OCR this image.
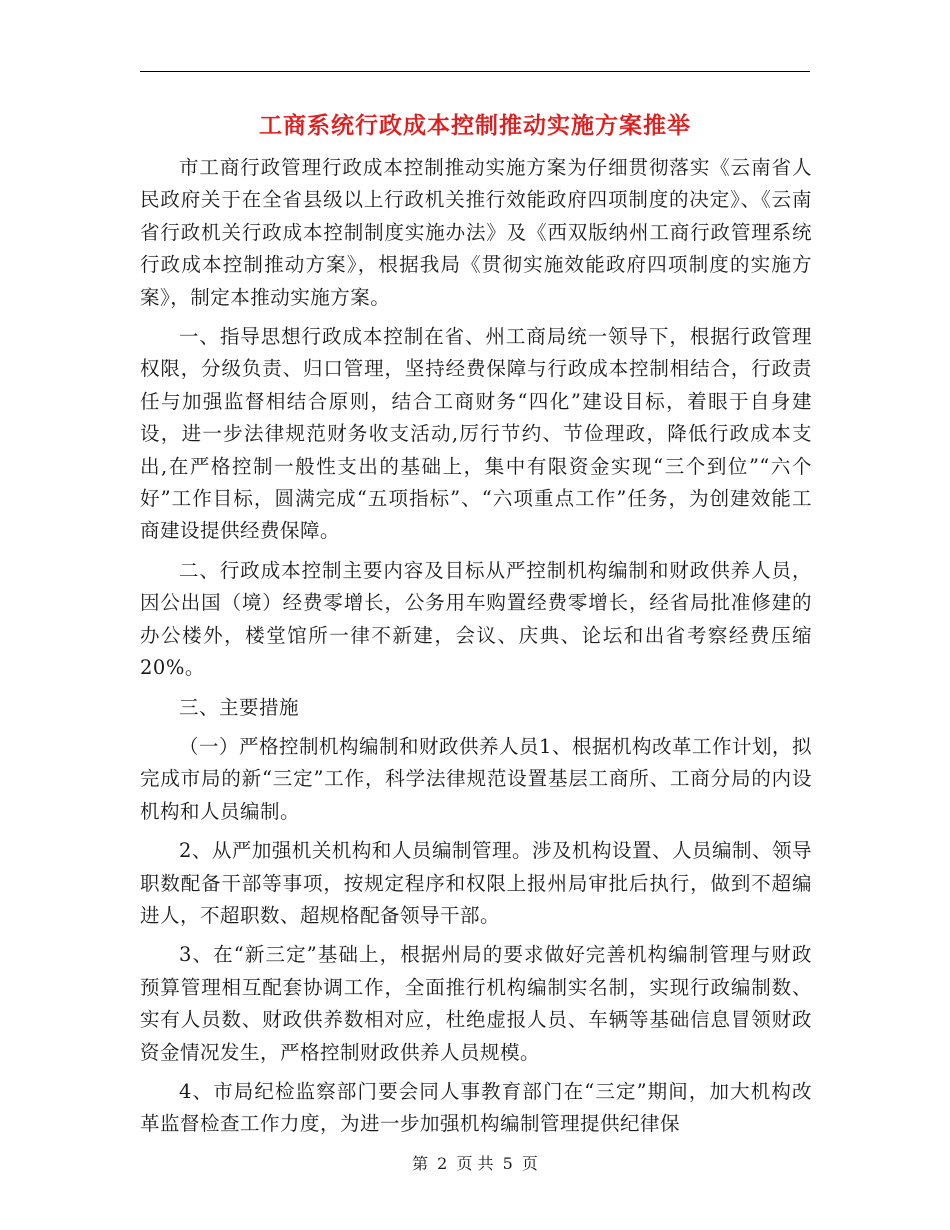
工商系统行政成本控制推动实施方案推举

市工商行政管理行政成本控制推动实施方案为仔细贯彻落实《云南省人民政府关于在全省县级以上行政机关推行效能政府四项制度的决定》、《云南省行政机关行政成本控制制度实施办法》及《西双版纳州工商行政管理系统行政成本控制推动方案》，根据我局《贯彻实施效能政府四项制度的实施方案》，制定本推动实施方案。

一、指导思想行政成本控制在省、州工商局统一领导下，根据行政管理权限，分级负责、归口管理，坚持经费保障与行政成本控制相结合，行政责任与加强监督相结合原则，结合工商财务“四化”建设目标，着眼于自身建设，进一步法律规范财务收支活动,厉行节约、节俭理政，降低行政成本支出,在严格控制一般性支出的基础上，集中有限资金实现“三个到位”“六个好”工作目标，圆满完成“五项指标”、“六项重点工作”任务，为创建效能工商建设提供经费保障。

二、行政成本控制主要内容及目标从严控制机构编制和财政供养人员，因公出国（境）经费零增长，公务用车购置经费零增长，经省局批准修建的办公楼外，楼堂馆所一律不新建，会议、庆典、论坛和出省考察经费压缩20%。

三、主要措施

（一）严格控制机构编制和财政供养人员1、根据机构改革工作计划，拟完成市局的新“三定”工作，科学法律规范设置基层工商所、工商分局的内设机构和人员编制。

2、从严加强机关机构和人员编制管理。涉及机构设置、人员编制、领导职数配备干部等事项，按规定程序和权限上报州局审批后执行，做到不超编进人，不超职数、超规格配备领导干部。

3、在“新三定”基础上，根据州局的要求做好完善机构编制管理与财政预算管理相互配套协调工作，全面推行机构编制实名制，实现行政编制数、实有人员数、财政供养数相对应，杜绝虚报人员、车辆等基础信息冒领财政资金情况发生，严格控制财政供养人员规模。

4、市局纪检监察部门要会同人事教育部门在“三定”期间，加大机构改革监督检查工作力度，为进一步加强机构编制管理提供纪律保

第 2 页 共 5 页
